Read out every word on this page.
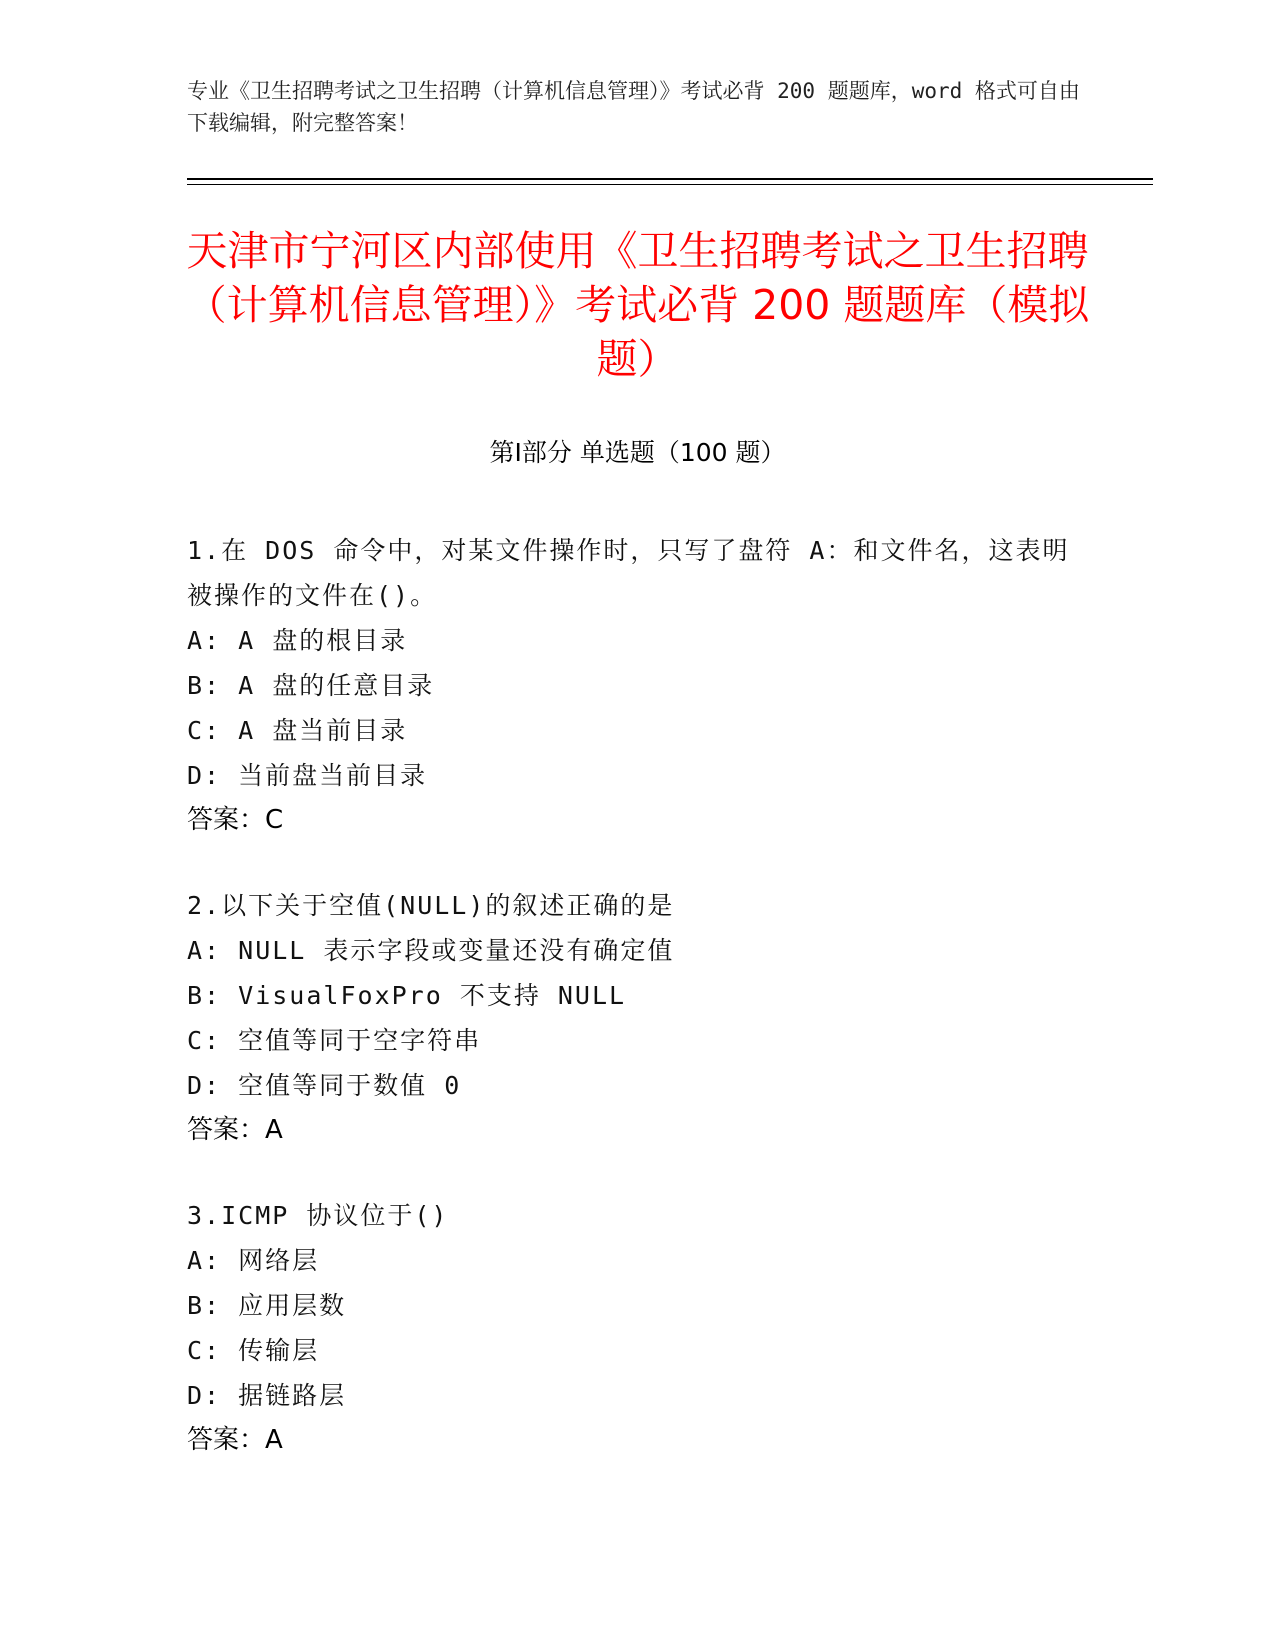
专业《卫生招聘考试之卫生招聘（计算机信息管理）》考试必背 200 题题库，word 格式可自由下载编辑，附完整答案！
天津市宁河区内部使用《卫生招聘考试之卫生招聘（计算机信息管理）》考试必背 200 题题库（模拟题）
第Ⅰ部分 单选题（100 题）
1.在 DOS 命令中，对某文件操作时，只写了盘符 A：和文件名，这表明被操作的文件在()。
A: A 盘的根目录
B: A 盘的任意目录
C: A 盘当前目录
D: 当前盘当前目录
答案：C
2.以下关于空值(NULL)的叙述正确的是
A: NULL 表示字段或变量还没有确定值
B: VisualFoxPro 不支持 NULL
C: 空值等同于空字符串
D: 空值等同于数值 0
答案：A
3.ICMP 协议位于()
A: 网络层
B: 应用层数
C: 传输层
D: 据链路层
答案：A
